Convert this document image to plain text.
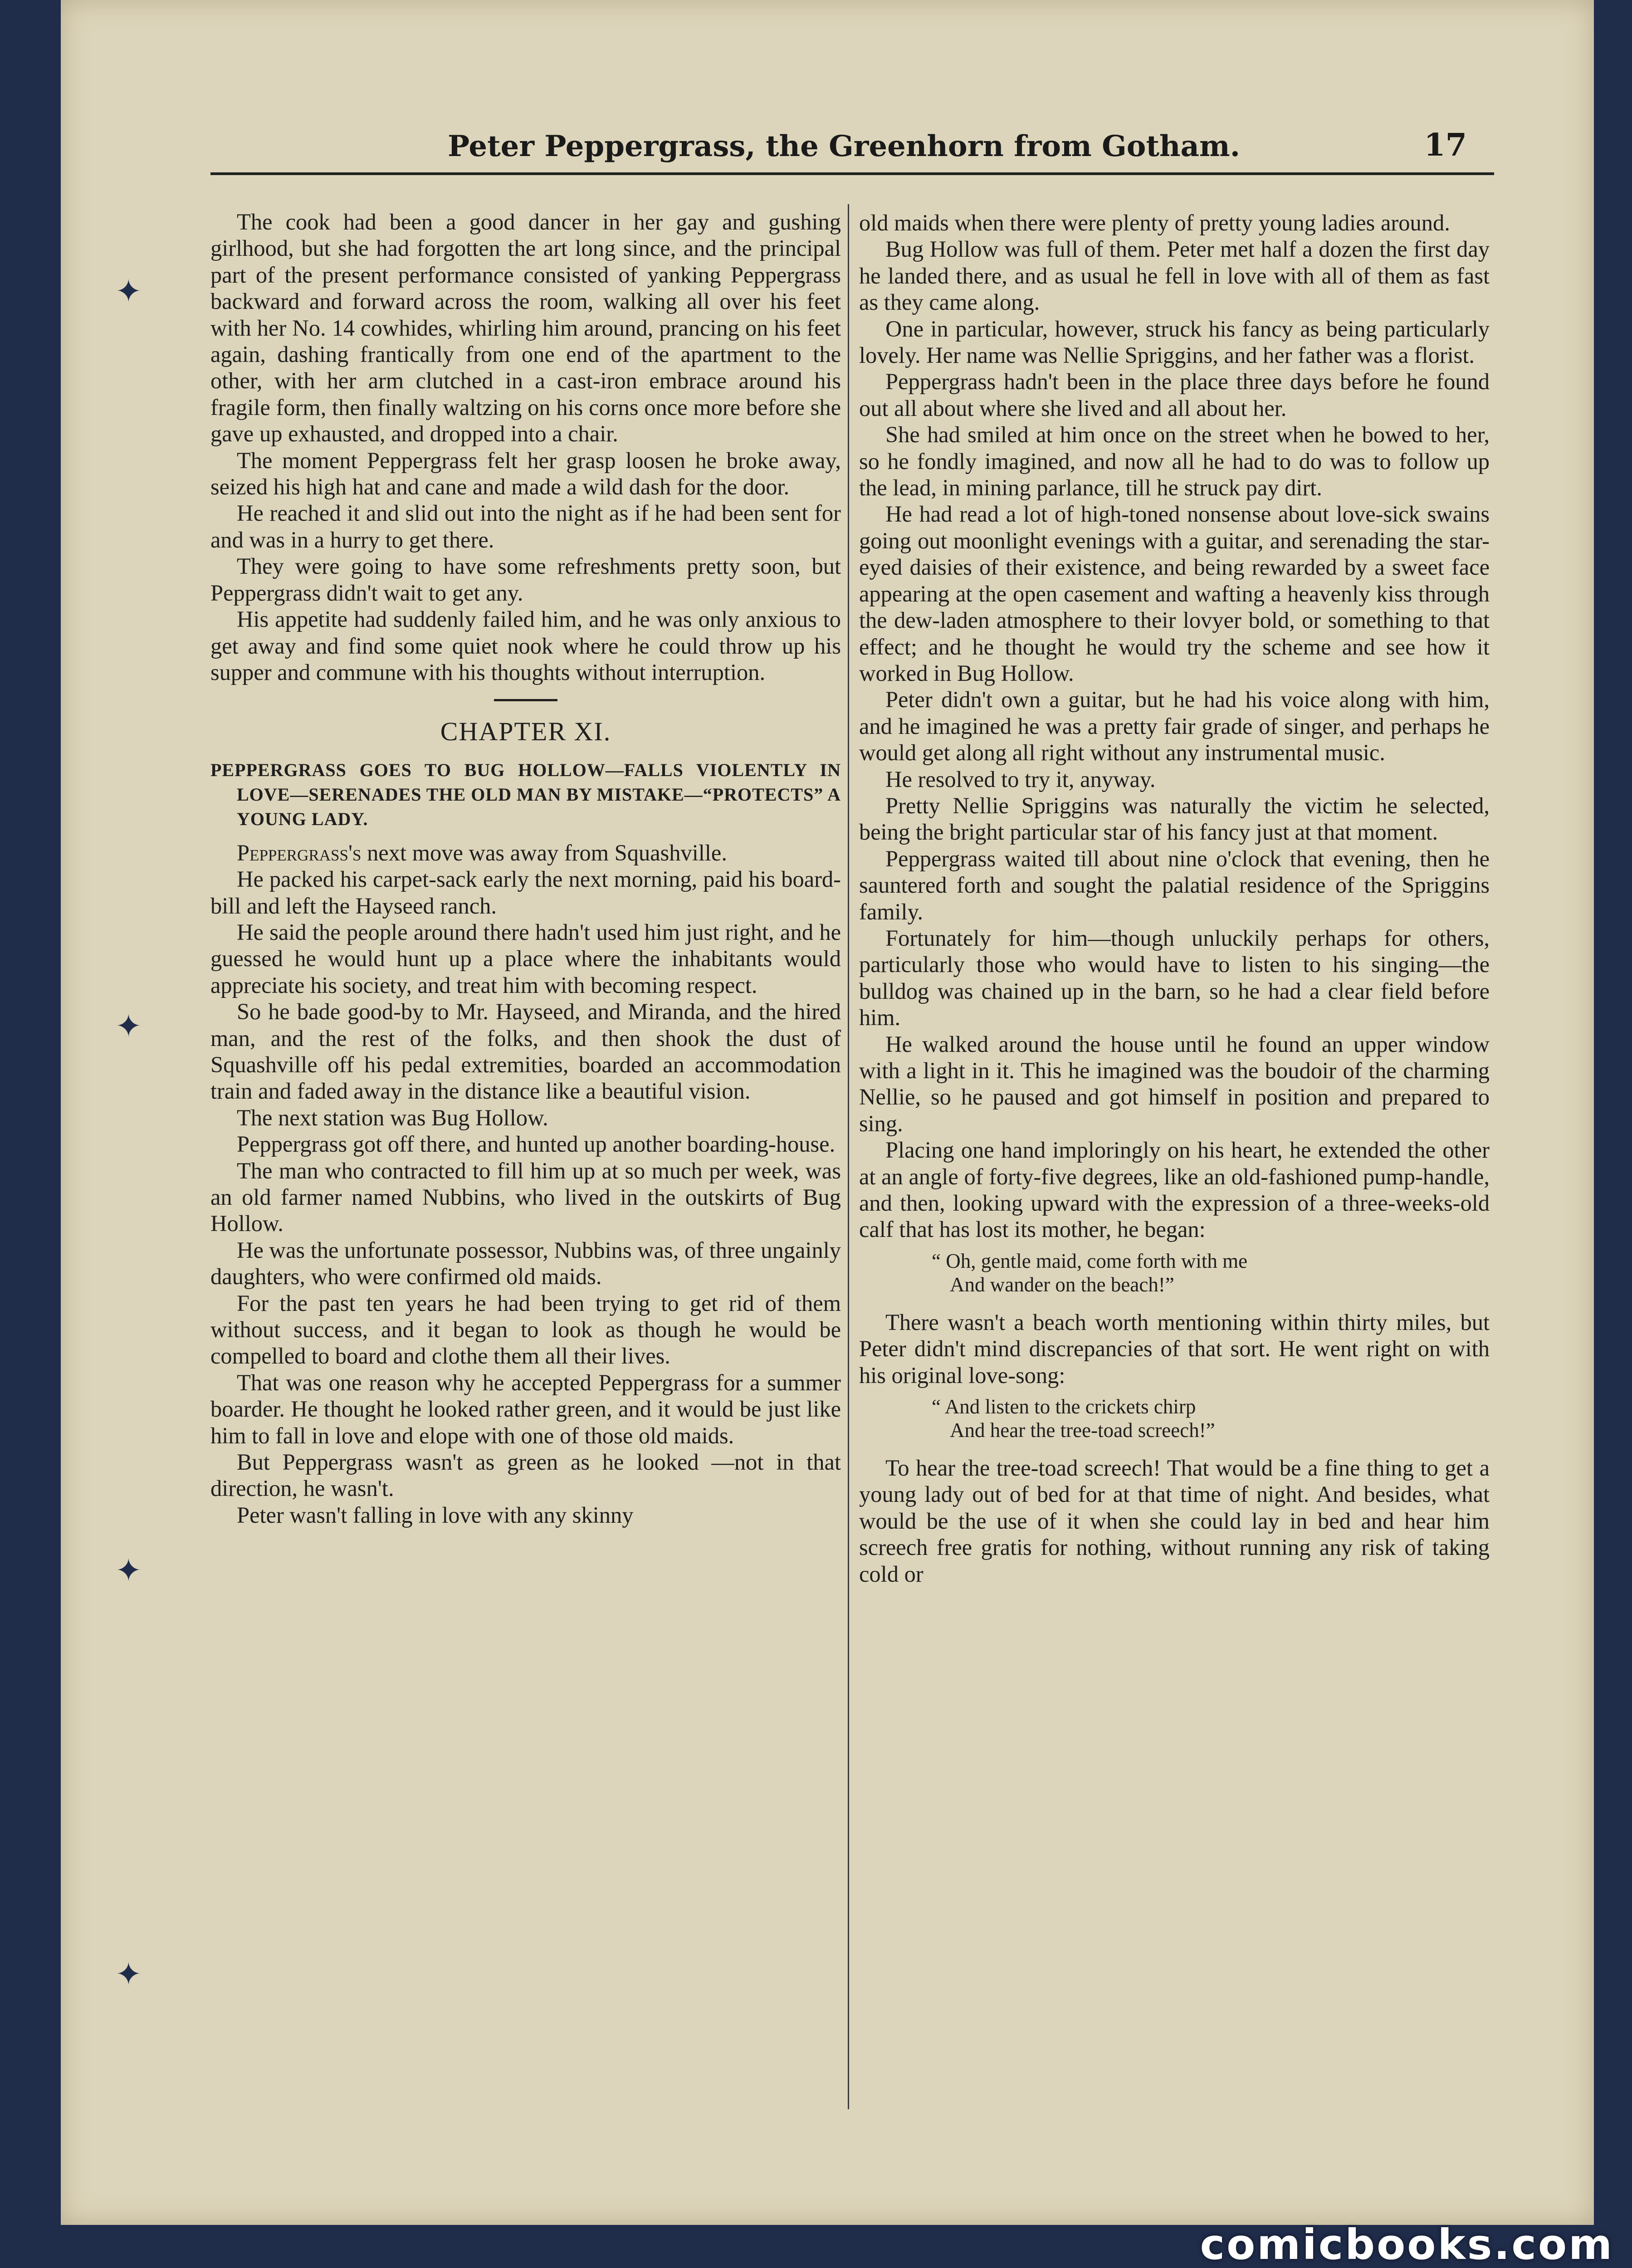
✦
✦
✦
✦
Peter Peppergrass, the Greenhorn from Gotham.	17

The cook had been a good dancer in her gay and gushing girlhood, but she had forgotten the art long since, and the principal part of the present performance consisted of yanking Peppergrass backward and forward across the room, walking all over his feet with her No. 14 cowhides, whirling him around, prancing on his feet again, dashing frantically from one end of the apartment to the other, with her arm clutched in a cast-iron embrace around his fragile form, then finally waltzing on his corns once more before she gave up exhausted, and dropped into a chair.

The moment Peppergrass felt her grasp loosen he broke away, seized his high hat and cane and made a wild dash for the door.

He reached it and slid out into the night as if he had been sent for and was in a hurry to get there.

They were going to have some refreshments pretty soon, but Peppergrass didn't wait to get any.

His appetite had suddenly failed him, and he was only anxious to get away and find some quiet nook where he could throw up his supper and commune with his thoughts without interruption.

CHAPTER XI.
PEPPERGRASS GOES TO BUG HOLLOW—FALLS VIOLENTLY IN LOVE—SERENADES THE OLD MAN BY MISTAKE—“PROTECTS” A YOUNG LADY.

Peppergrass's next move was away from Squashville.

He packed his carpet-sack early the next morning, paid his board-bill and left the Hayseed ranch.

He said the people around there hadn't used him just right, and he guessed he would hunt up a place where the inhabitants would appreciate his society, and treat him with becoming respect.

So he bade good-by to Mr. Hayseed, and Miranda, and the hired man, and the rest of the folks, and then shook the dust of Squashville off his pedal extremities, boarded an accommodation train and faded away in the distance like a beautiful vision.

The next station was Bug Hollow.

Peppergrass got off there, and hunted up another boarding-house.

The man who contracted to fill him up at so much per week, was an old farmer named Nubbins, who lived in the outskirts of Bug Hollow.

He was the unfortunate possessor, Nubbins was, of three ungainly daughters, who were confirmed old maids.

For the past ten years he had been trying to get rid of them without success, and it began to look as though he would be compelled to board and clothe them all their lives.

That was one reason why he accepted Peppergrass for a summer boarder. He thought he looked rather green, and it would be just like him to fall in love and elope with one of those old maids.

But Peppergrass wasn't as green as he looked —not in that direction, he wasn't.

Peter wasn't falling in love with any skinny

old maids when there were plenty of pretty young ladies around.

Bug Hollow was full of them. Peter met half a dozen the first day he landed there, and as usual he fell in love with all of them as fast as they came along.

One in particular, however, struck his fancy as being particularly lovely. Her name was Nellie Spriggins, and her father was a florist.

Peppergrass hadn't been in the place three days before he found out all about where she lived and all about her.

She had smiled at him once on the street when he bowed to her, so he fondly imagined, and now all he had to do was to follow up the lead, in mining parlance, till he struck pay dirt.

He had read a lot of high-toned nonsense about love-sick swains going out moonlight evenings with a guitar, and serenading the star-eyed daisies of their existence, and being rewarded by a sweet face appearing at the open casement and wafting a heavenly kiss through the dew-laden atmosphere to their lovyer bold, or something to that effect; and he thought he would try the scheme and see how it worked in Bug Hollow.

Peter didn't own a guitar, but he had his voice along with him, and he imagined he was a pretty fair grade of singer, and perhaps he would get along all right without any instrumental music.

He resolved to try it, anyway.

Pretty Nellie Spriggins was naturally the victim he selected, being the bright particular star of his fancy just at that moment.

Peppergrass waited till about nine o'clock that evening, then he sauntered forth and sought the palatial residence of the Spriggins family.

Fortunately for him—though unluckily perhaps for others, particularly those who would have to listen to his singing—the bulldog was chained up in the barn, so he had a clear field before him.

He walked around the house until he found an upper window with a light in it. This he imagined was the boudoir of the charming Nellie, so he paused and got himself in position and prepared to sing.

Placing one hand imploringly on his heart, he extended the other at an angle of forty-five degrees, like an old-fashioned pump-handle, and then, looking upward with the expression of a three-weeks-old calf that has lost its mother, he began:

“ Oh, gentle maid, come forth with me
And wander on the beach!”

There wasn't a beach worth mentioning within thirty miles, but Peter didn't mind discrepancies of that sort. He went right on with his original love-song:

“ And listen to the crickets chirp
And hear the tree-toad screech!”

To hear the tree-toad screech! That would be a fine thing to get a young lady out of bed for at that time of night. And besides, what would be the use of it when she could lay in bed and hear him screech free gratis for nothing, without running any risk of taking cold or

comicbooks.com
